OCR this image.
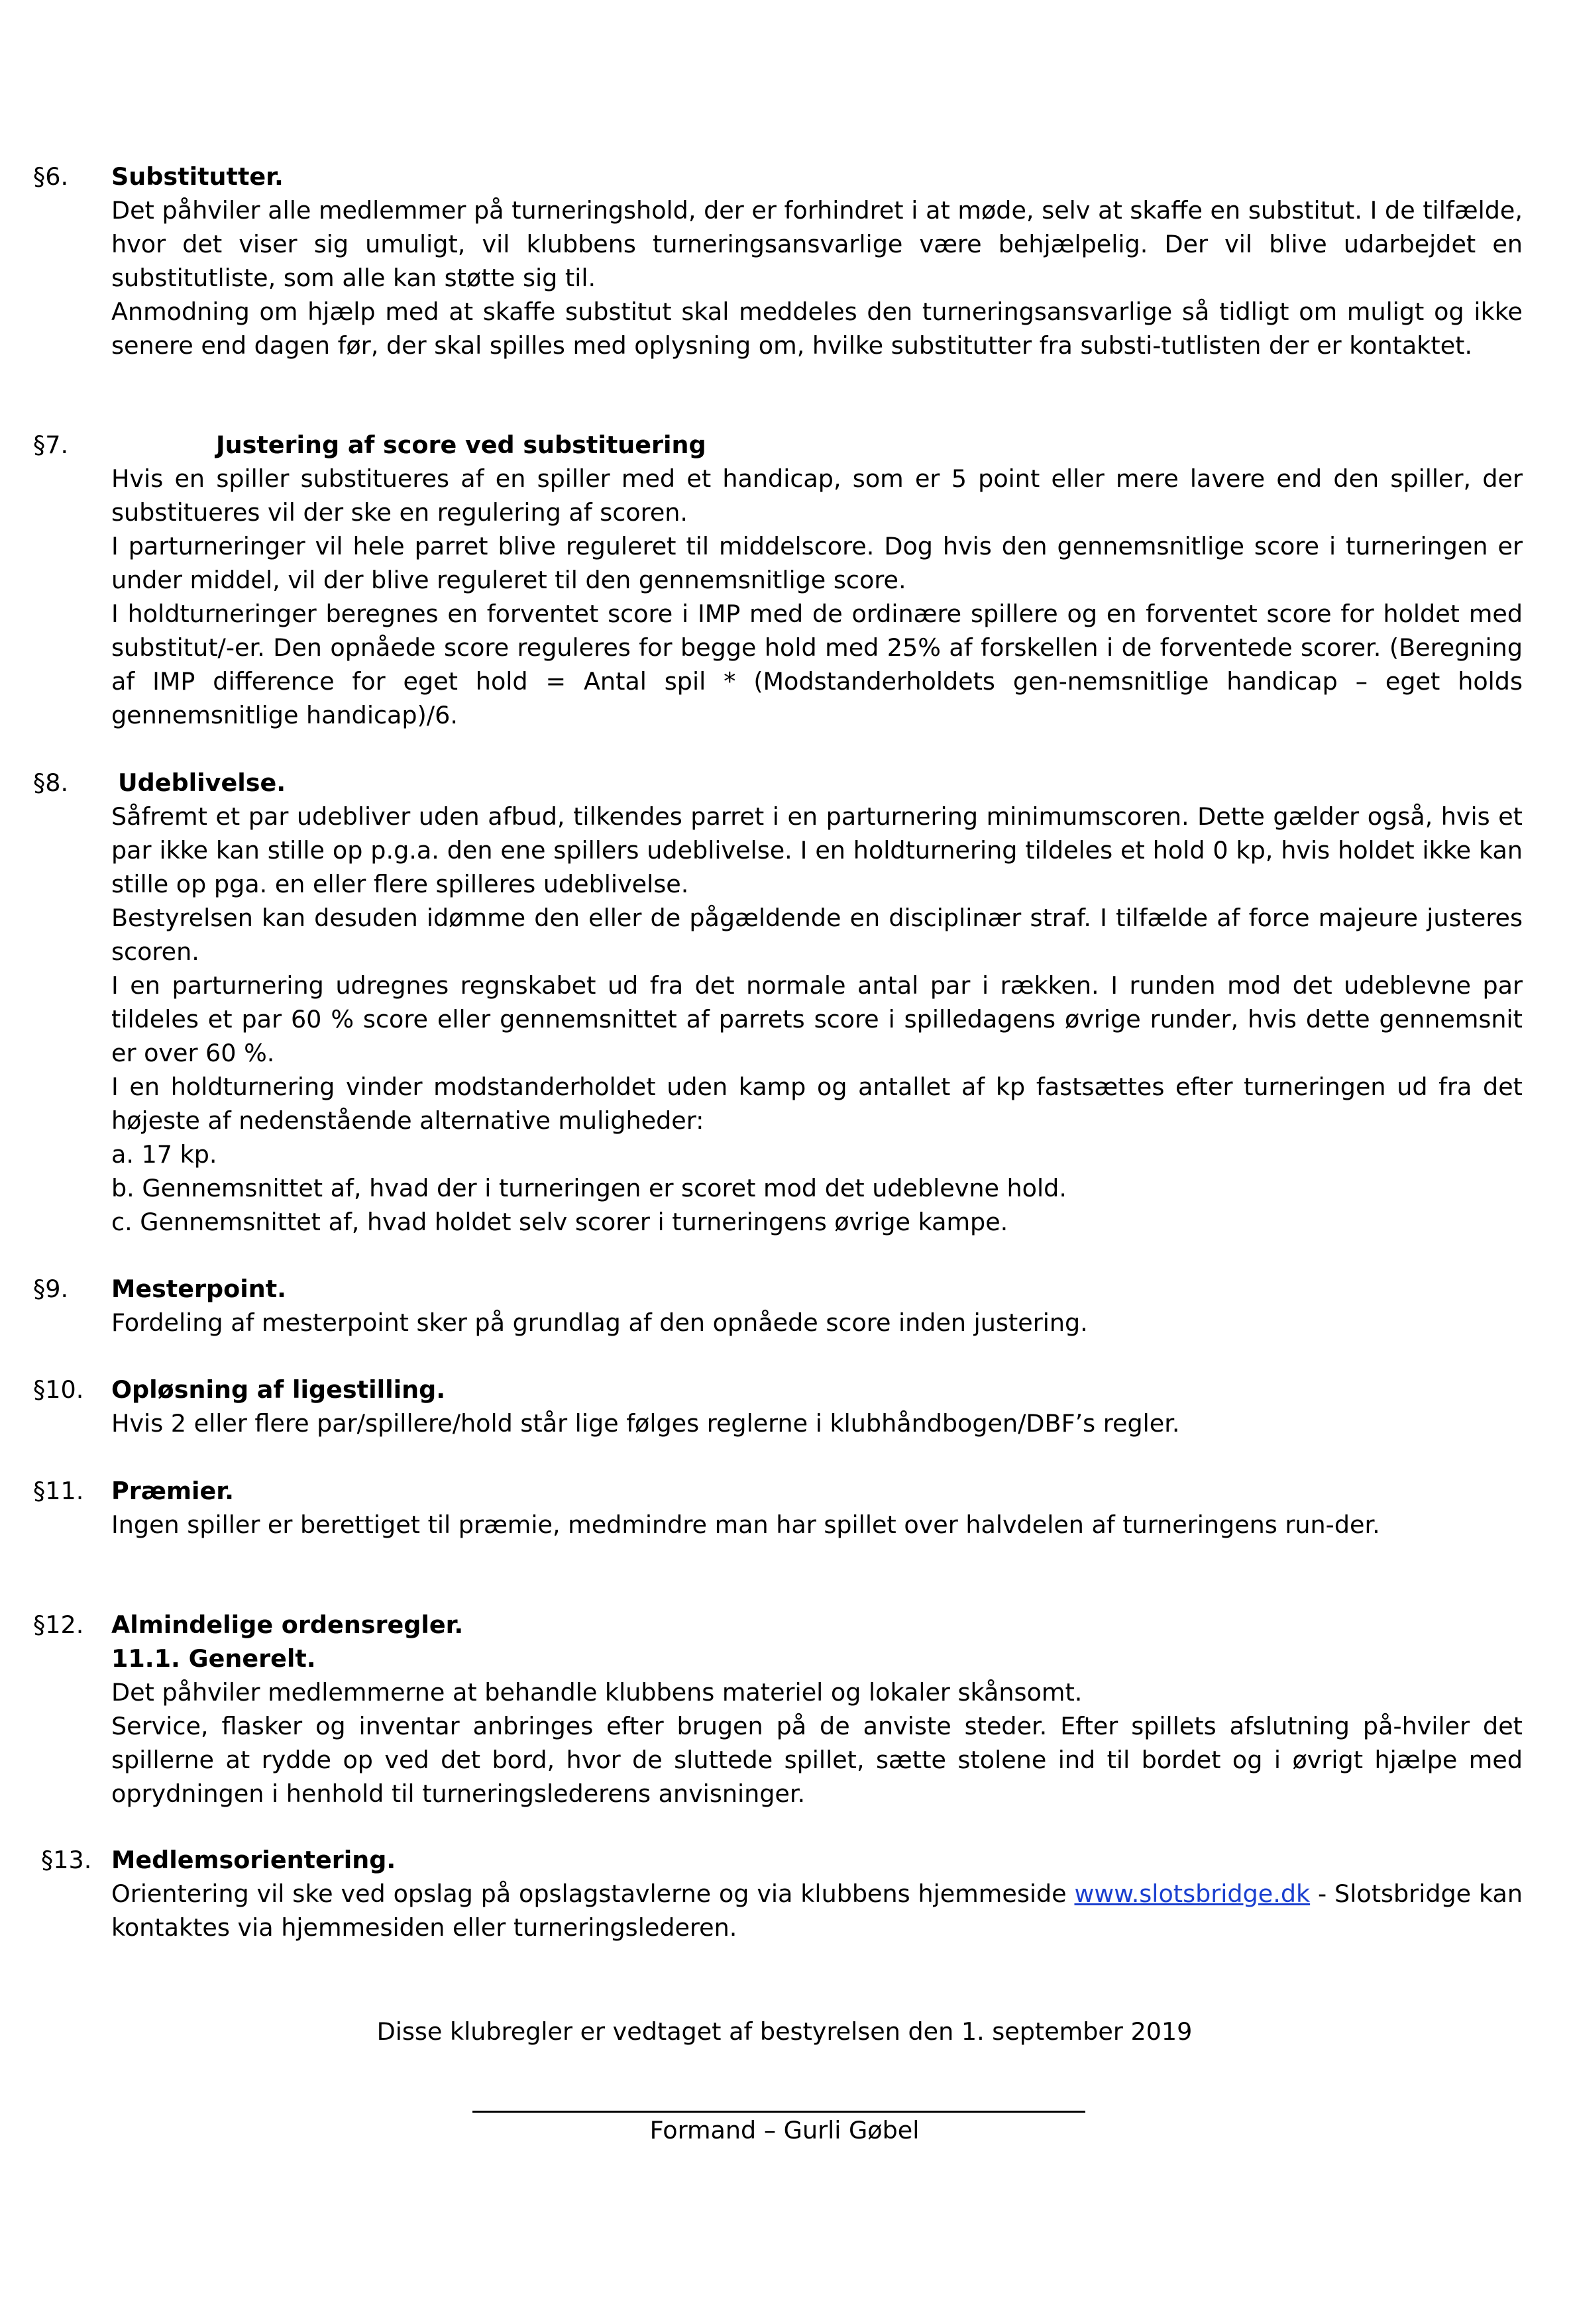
§6. Substitutter.
Det påhviler alle medlemmer på turneringshold, der er forhindret i at møde, selv at skaffe en substitut. I de tilfælde, hvor det viser sig umuligt, vil klubbens turneringsansvarlige være behjælpelig. Der vil blive udarbejdet en substitutliste, som alle kan støtte sig til.
Anmodning om hjælp med at skaffe substitut skal meddeles den turneringsansvarlige så tidligt om muligt og ikke senere end dagen før, der skal spilles med oplysning om, hvilke substitutter fra substi-tutlisten der er kontaktet.
§7.	Justering af score ved substituering
Hvis en spiller substitueres af en spiller med et handicap, som er 5 point eller mere lavere end den spiller, der substitueres vil der ske en regulering af scoren.
I parturneringer vil hele parret blive reguleret til middelscore. Dog hvis den gennemsnitlige score i turneringen er under middel, vil der blive reguleret til den gennemsnitlige score.
I holdturneringer beregnes en forventet score i IMP med de ordinære spillere og en forventet score for holdet med substitut/-er. Den opnåede score reguleres for begge hold med 25% af forskellen i de forventede scorer. (Beregning af IMP difference for eget hold = Antal spil * (Modstanderholdets gen-nemsnitlige handicap – eget holds gennemsnitlige handicap)/6.
§8. Udeblivelse.
Såfremt et par udebliver uden afbud, tilkendes parret i en parturnering minimumscoren. Dette gælder også, hvis et par ikke kan stille op p.g.a. den ene spillers udeblivelse. I en holdturnering tildeles et hold 0 kp, hvis holdet ikke kan stille op pga. en eller flere spilleres udeblivelse.
Bestyrelsen kan desuden idømme den eller de pågældende en disciplinær straf. I tilfælde af force majeure justeres scoren.
I en parturnering udregnes regnskabet ud fra det normale antal par i rækken. I runden mod det udeblevne par tildeles et par 60 % score eller gennemsnittet af parrets score i spilledagens øvrige runder, hvis dette gennemsnit er over 60 %.
I en holdturnering vinder modstanderholdet uden kamp og antallet af kp fastsættes efter turneringen ud fra det højeste af nedenstående alternative muligheder:
a. 17 kp.
b. Gennemsnittet af, hvad der i turneringen er scoret mod det udeblevne hold.
c. Gennemsnittet af, hvad holdet selv scorer i turneringens øvrige kampe.
§9. Mesterpoint.
Fordeling af mesterpoint sker på grundlag af den opnåede score inden justering.
§10. Opløsning af ligestilling.
Hvis 2 eller flere par/spillere/hold står lige følges reglerne i klubhåndbogen/DBF’s regler.
§11. Præmier.
Ingen spiller er berettiget til præmie, medmindre man har spillet over halvdelen af turneringens run-der.
§12. Almindelige ordensregler.
11.1. Generelt.
Det påhviler medlemmerne at behandle klubbens materiel og lokaler skånsomt.
Service, flasker og inventar anbringes efter brugen på de anviste steder. Efter spillets afslutning på-hviler det spillerne at rydde op ved det bord, hvor de sluttede spillet, sætte stolene ind til bordet og i øvrigt hjælpe med oprydningen i henhold til turneringslederens anvisninger.
§13. Medlemsorientering.
Orientering vil ske ved opslag på opslagstavlerne og via klubbens hjemmeside www.slotsbridge.dk - Slotsbridge kan kontaktes via hjemmesiden eller turneringslederen.
Disse klubregler er vedtaget af bestyrelsen den 1. september 2019
Formand – Gurli Gøbel
